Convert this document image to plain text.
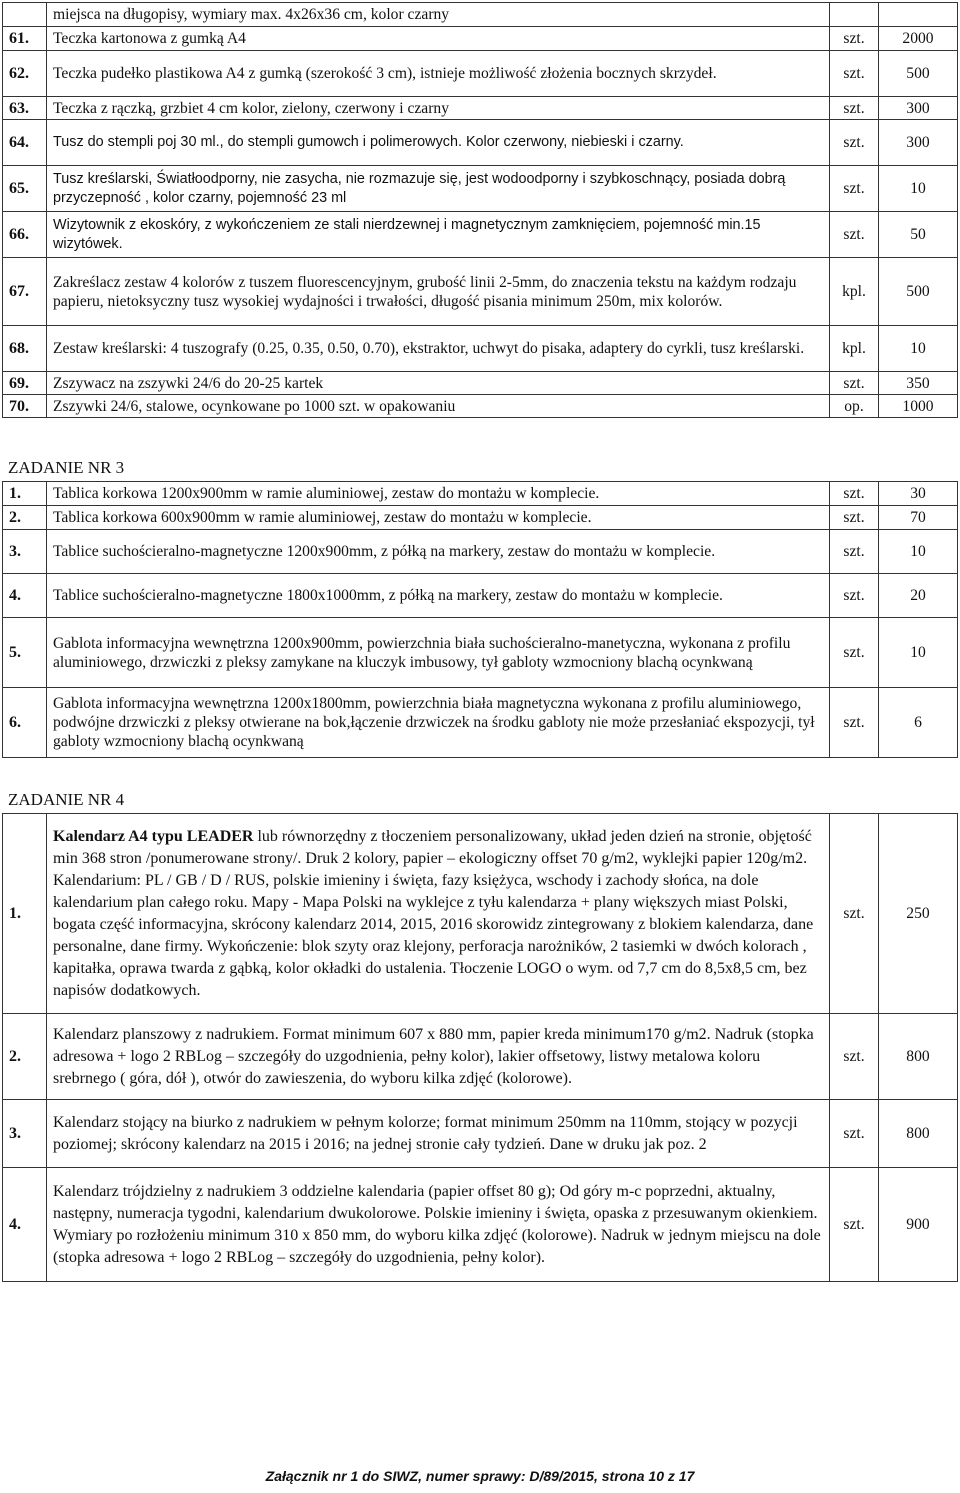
	miejsca na długopisy, wymiary max. 4x26x36 cm, kolor czarny		
61.	Teczka kartonowa z gumką A4	szt.	2000
62.	Teczka pudełko plastikowa A4 z gumką (szerokość 3 cm), istnieje możliwość złożenia bocznych skrzydeł.	szt.	500
63.	Teczka z rączką, grzbiet 4 cm kolor, zielony, czerwony i czarny	szt.	300
64.	Tusz do stempli poj 30 ml., do stempli gumowch i polimerowych. Kolor czerwony, niebieski i czarny.	szt.	300
65.	Tusz kreślarski, Światłoodporny, nie zasycha, nie rozmazuje się, jest wodoodporny i szybkoschnący, posiada dobrą przyczepność , kolor czarny, pojemność 23 ml	szt.	10
66.	Wizytownik z ekoskóry, z wykończeniem ze stali nierdzewnej i magnetycznym zamknięciem, pojemność min.15 wizytówek.	szt.	50
67.	Zakreślacz zestaw 4 kolorów z tuszem fluorescencyjnym, grubość linii 2-5mm, do znaczenia tekstu na każdym rodzaju papieru, nietoksyczny tusz wysokiej wydajności i trwałości, długość pisania minimum 250m, mix kolorów.	kpl.	500
68.	Zestaw kreślarski: 4 tuszografy (0.25, 0.35, 0.50, 0.70), ekstraktor, uchwyt do pisaka, adaptery do cyrkli, tusz kreślarski.	kpl.	10
69.	Zszywacz na zszywki 24/6 do 20-25 kartek	szt.	350
70.	Zszywki 24/6, stalowe, ocynkowane po 1000 szt. w opakowaniu	op.	1000
ZADANIE NR 3
1.	Tablica korkowa 1200x900mm w ramie aluminiowej, zestaw do montażu w komplecie.	szt.	30
2.	Tablica korkowa 600x900mm w ramie aluminiowej, zestaw do montażu w komplecie.	szt.	70
3.	Tablice suchościeralno-magnetyczne 1200x900mm, z półką na markery, zestaw do montażu w komplecie.	szt.	10
4.	Tablice suchościeralno-magnetyczne 1800x1000mm, z półką na markery, zestaw do montażu w komplecie.	szt.	20
5.	Gablota informacyjna wewnętrzna 1200x900mm, powierzchnia biała suchościeralno-manetyczna, wykonana z profilu aluminiowego, drzwiczki z pleksy zamykane na kluczyk imbusowy, tył gabloty wzmocniony blachą ocynkwaną	szt.	10
6.	Gablota informacyjna wewnętrzna 1200x1800mm, powierzchnia biała magnetyczna wykonana z profilu aluminiowego, podwójne drzwiczki z pleksy otwierane na bok,łączenie drzwiczek na środku gabloty nie może przesłaniać ekspozycji, tył gabloty wzmocniony blachą ocynkwaną	szt.	6
ZADANIE NR 4
1.	Kalendarz A4 typu LEADER lub równorzędny z tłoczeniem personalizowany, układ jeden dzień na stronie, objętość min 368 stron /ponumerowane strony/. Druk 2 kolory, papier – ekologiczny offset 70 g/m2, wyklejki papier 120g/m2. Kalendarium: PL / GB / D / RUS, polskie imieniny i święta, fazy księżyca, wschody i zachody słońca, na dole kalendarium plan całego roku. Mapy - Mapa Polski na wyklejce z tyłu kalendarza + plany większych miast Polski, bogata część informacyjna, skrócony kalendarz 2014, 2015, 2016 skorowidz zintegrowany z blokiem kalendarza, dane personalne, dane firmy. Wykończenie: blok szyty oraz klejony, perforacja narożników, 2 tasiemki w dwóch kolorach , kapitałka, oprawa twarda z gąbką, kolor okładki do ustalenia. Tłoczenie LOGO o wym. od 7,7 cm do 8,5x8,5 cm, bez napisów dodatkowych.	szt.	250
2.	Kalendarz planszowy z nadrukiem. Format minimum 607 x 880 mm, papier kreda minimum170 g/m2. Nadruk (stopka adresowa + logo 2 RBLog – szczegóły do uzgodnienia, pełny kolor), lakier offsetowy, listwy metalowa koloru srebrnego ( góra, dół ), otwór do zawieszenia, do wyboru kilka zdjęć (kolorowe).	szt.	800
3.	Kalendarz stojący na biurko z nadrukiem w pełnym kolorze; format minimum 250mm na 110mm, stojący w pozycji poziomej; skrócony kalendarz na 2015 i 2016; na jednej stronie cały tydzień. Dane w druku jak poz. 2	szt.	800
4.	Kalendarz trójdzielny z nadrukiem 3 oddzielne kalendaria (papier offset 80 g); Od góry m-c poprzedni, aktualny, następny, numeracja tygodni, kalendarium dwukolorowe. Polskie imieniny i święta, opaska z przesuwanym okienkiem. Wymiary po rozłożeniu minimum 310 x 850 mm, do wyboru kilka zdjęć (kolorowe). Nadruk w jednym miejscu na dole (stopka adresowa + logo 2 RBLog – szczegóły do uzgodnienia, pełny kolor).	szt.	900
Załącznik nr 1 do SIWZ, numer sprawy: D/89/2015, strona 10 z 17
